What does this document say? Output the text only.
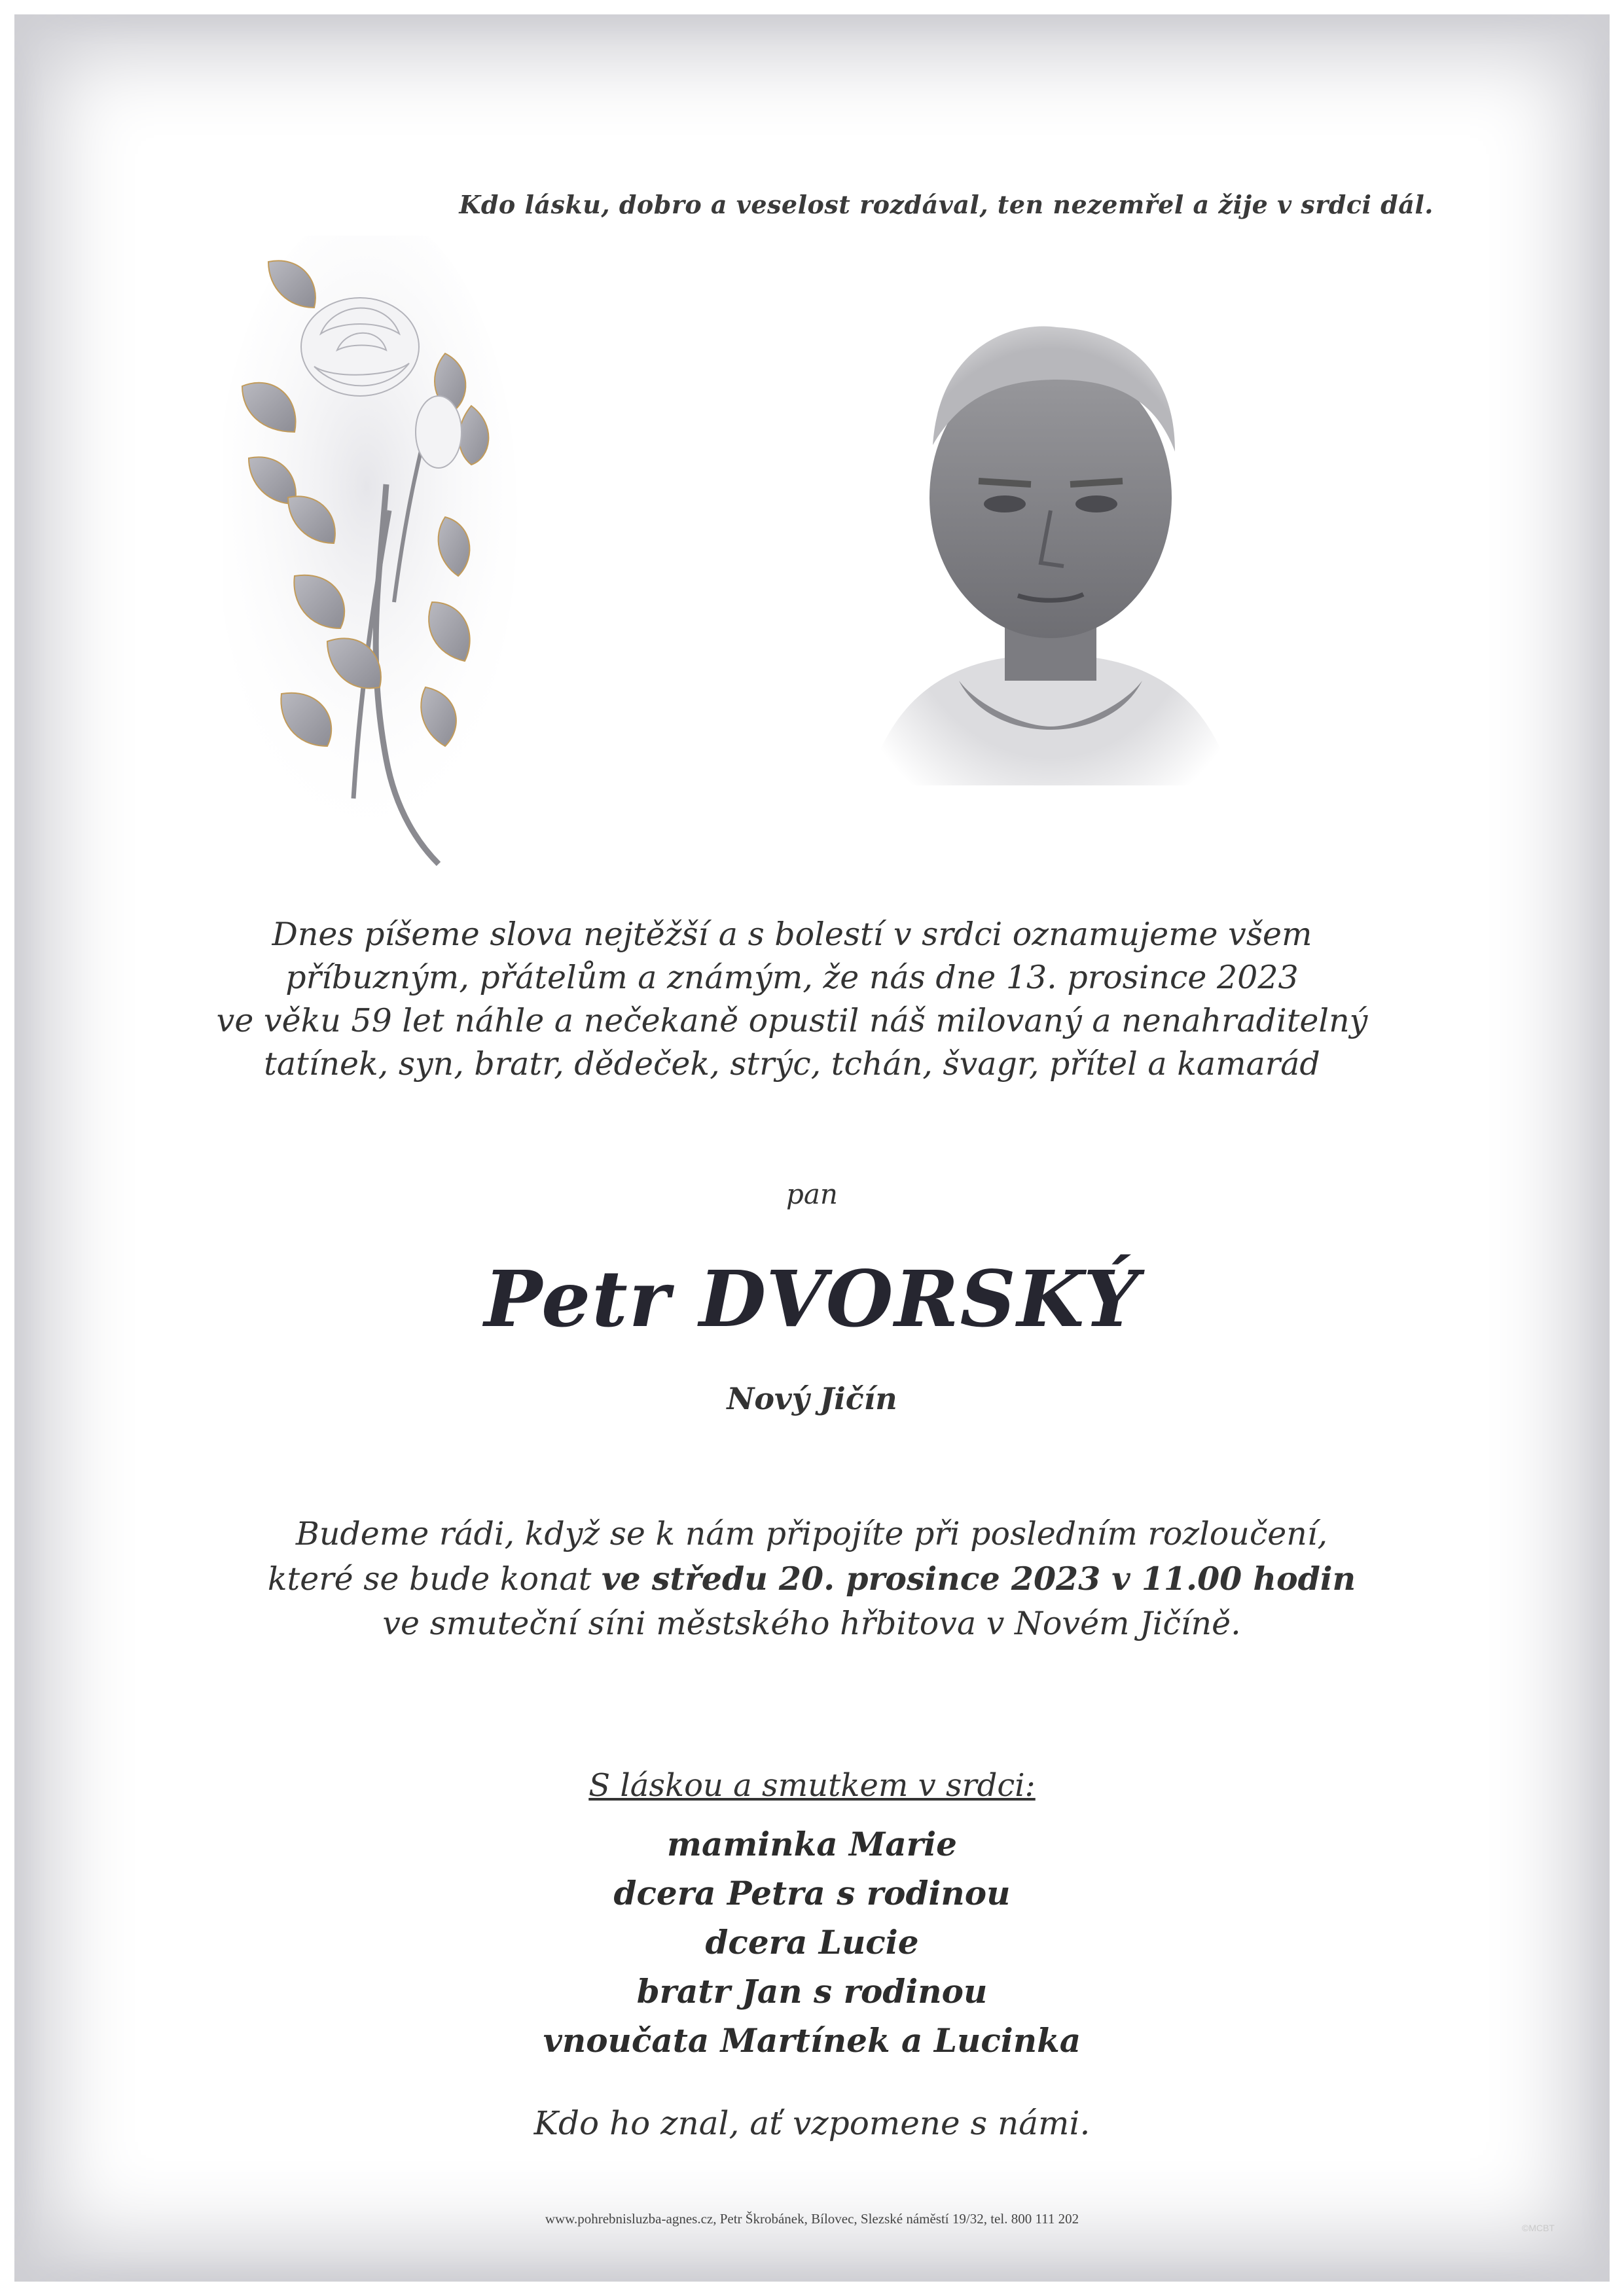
Kdo lásku, dobro a veselost rozdával, ten nezemřel a žije v srdci dál.
Dnes píšeme slova nejtěžší a s bolestí v srdci oznamujeme všem
příbuzným, přátelům a známým, že nás dne 13. prosince 2023
ve věku 59 let náhle a nečekaně opustil náš milovaný a nenahraditelný
tatínek, syn, bratr, dědeček, strýc, tchán, švagr, přítel a kamarád
pan
Petr DVORSKÝ
Nový Jičín
Budeme rádi, když se k nám připojíte při posledním rozloučení,
které se bude konat ve středu 20. prosince 2023 v 11.00 hodin
ve smuteční síni městského hřbitova v Novém Jičíně.
S láskou a smutkem v srdci:
maminka Marie
dcera Petra s rodinou
dcera Lucie
bratr Jan s rodinou
vnoučata Martínek a Lucinka
Kdo ho znal, ať vzpomene s námi.
www.pohrebnisluzba-agnes.cz, Petr Škrobánek, Bílovec, Slezské náměstí 19/32, tel. 800 111 202
©MCBT
